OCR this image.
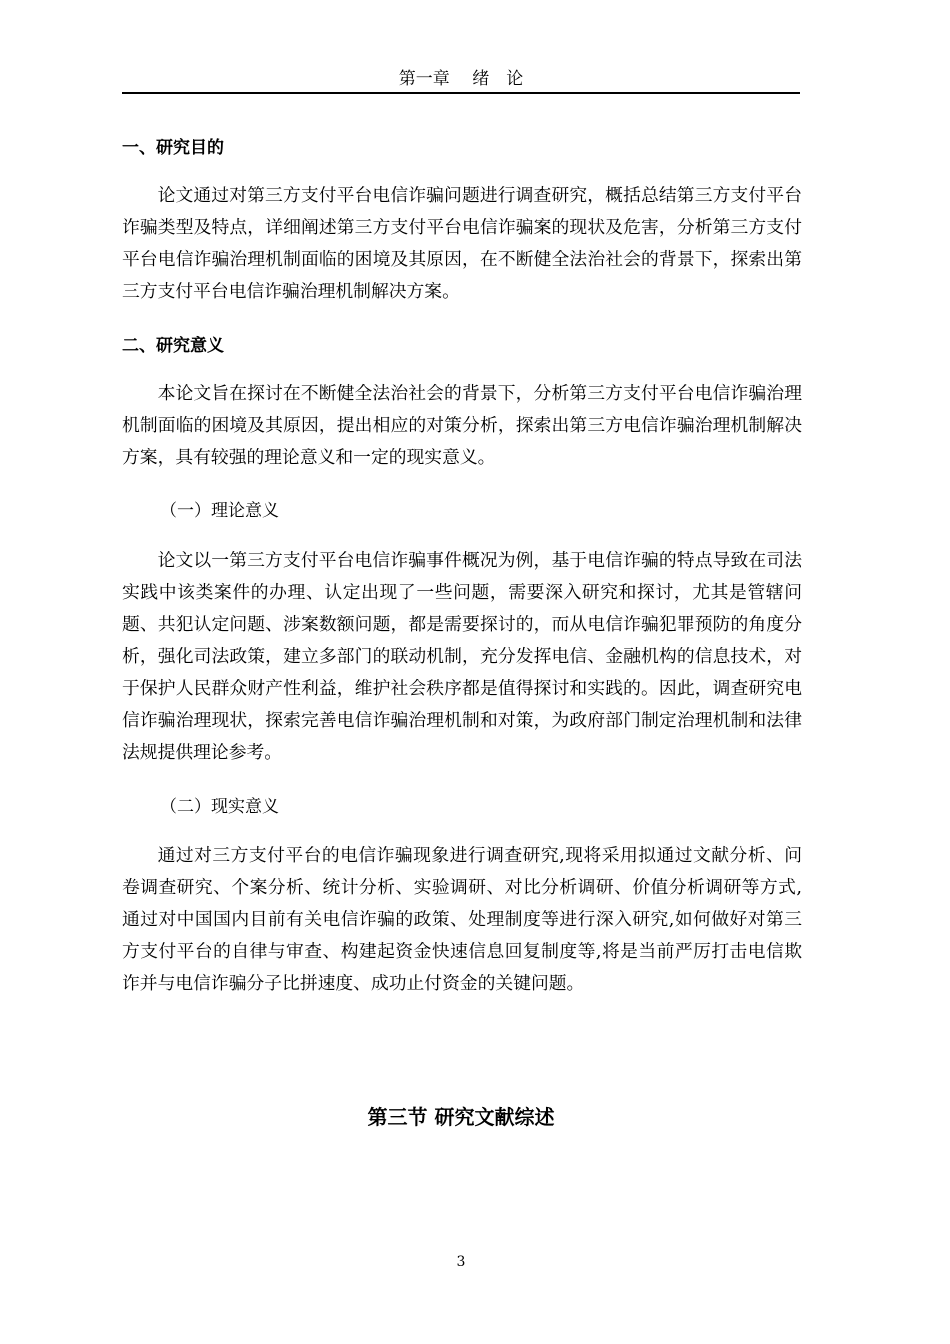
第一章　 绪　论
一、研究目的

论文通过对第三方支付平台电信诈骗问题进行调查研究，概括总结第三方支付平台诈骗类型及特点，详细阐述第三方支付平台电信诈骗案的现状及危害，分析第三方支付平台电信诈骗治理机制面临的困境及其原因，在不断健全法治社会的背景下，探索出第三方支付平台电信诈骗治理机制解决方案。

二、研究意义

本论文旨在探讨在不断健全法治社会的背景下，分析第三方支付平台电信诈骗治理机制面临的困境及其原因，提出相应的对策分析，探索出第三方电信诈骗治理机制解决方案，具有较强的理论意义和一定的现实意义。

（一）理论意义

论文以一第三方支付平台电信诈骗事件概况为例，基于电信诈骗的特点导致在司法实践中该类案件的办理、认定出现了一些问题，需要深入研究和探讨，尤其是管辖问题、共犯认定问题、涉案数额问题，都是需要探讨的，而从电信诈骗犯罪预防的角度分析，强化司法政策，建立多部门的联动机制，充分发挥电信、金融机构的信息技术，对于保护人民群众财产性利益，维护社会秩序都是值得探讨和实践的。因此，调查研究电信诈骗治理现状，探索完善电信诈骗治理机制和对策，为政府部门制定治理机制和法律法规提供理论参考。

（二）现实意义

通过对三方支付平台的电信诈骗现象进行调查研究,现将采用拟通过文献分析、问卷调查研究、个案分析、统计分析、实验调研、对比分析调研、价值分析调研等方式,通过对中国国内目前有关电信诈骗的政策、处理制度等进行深入研究,如何做好对第三方支付平台的自律与审查、构建起资金快速信息回复制度等,将是当前严厉打击电信欺诈并与电信诈骗分子比拼速度、成功止付资金的关键问题。

第三节 研究文献综述
3
